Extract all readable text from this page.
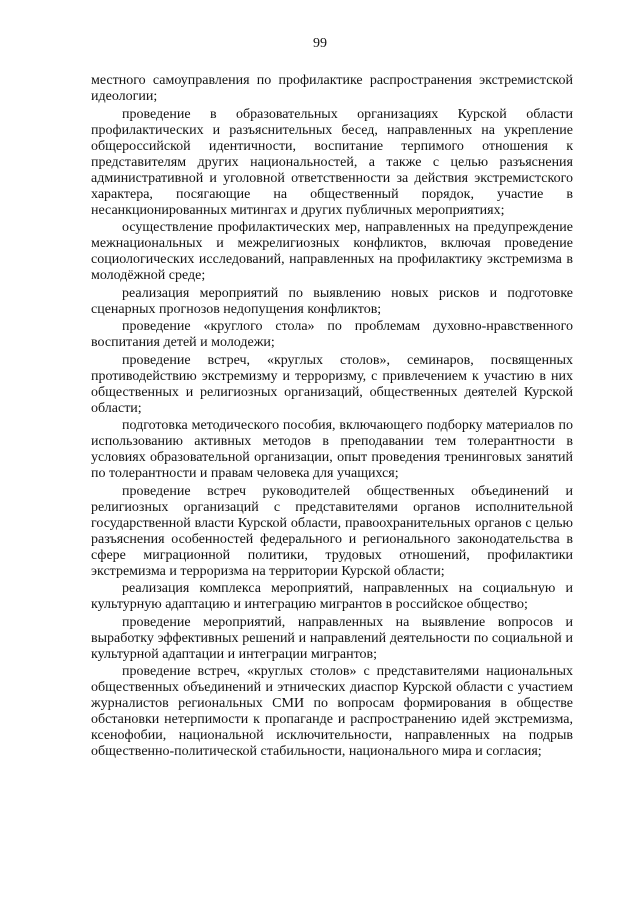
99

местного самоуправления по профилактике распространения экстремистской идеологии;

проведение в образовательных организациях Курской области профилактических и разъяснительных бесед, направленных на укрепление общероссийской идентичности, воспитание терпимого отношения к представителям других национальностей, а также с целью разъяснения административной и уголовной ответственности за действия экстремистского характера, посягающие на общественный порядок, участие в несанкционированных митингах и других публичных мероприятиях;

осуществление профилактических мер, направленных на предупреждение межнациональных и межрелигиозных конфликтов, включая проведение социологических исследований, направленных на профилактику экстремизма в молодёжной среде;

реализация мероприятий по выявлению новых рисков и подготовке сценарных прогнозов недопущения конфликтов;

проведение «круглого стола» по проблемам духовно-нравственного воспитания детей и молодежи;

проведение встреч, «круглых столов», семинаров, посвященных противодействию экстремизму и терроризму, с привлечением к участию в них общественных и религиозных организаций, общественных деятелей Курской области;

подготовка методического пособия, включающего подборку материалов по использованию активных методов в преподавании тем толерантности в условиях образовательной организации, опыт проведения тренинговых занятий по толерантности и правам человека для учащихся;

проведение встреч руководителей общественных объединений и религиозных организаций с представителями органов исполнительной государственной власти Курской области, правоохранительных органов с целью разъяснения особенностей федерального и регионального законодательства в сфере миграционной политики, трудовых отношений, профилактики экстремизма и терроризма на территории Курской области;

реализация комплекса мероприятий, направленных на социальную и культурную адаптацию и интеграцию мигрантов в российское общество;

проведение мероприятий, направленных на выявление вопросов и выработку эффективных решений и направлений деятельности по социальной и культурной адаптации и интеграции мигрантов;

проведение встреч, «круглых столов» с представителями национальных общественных объединений и этнических диаспор Курской области с участием журналистов региональных СМИ по вопросам формирования в обществе обстановки нетерпимости к пропаганде и распространению идей экстремизма, ксенофобии, национальной исключительности, направленных на подрыв общественно-политической стабильности, национального мира и согласия;
